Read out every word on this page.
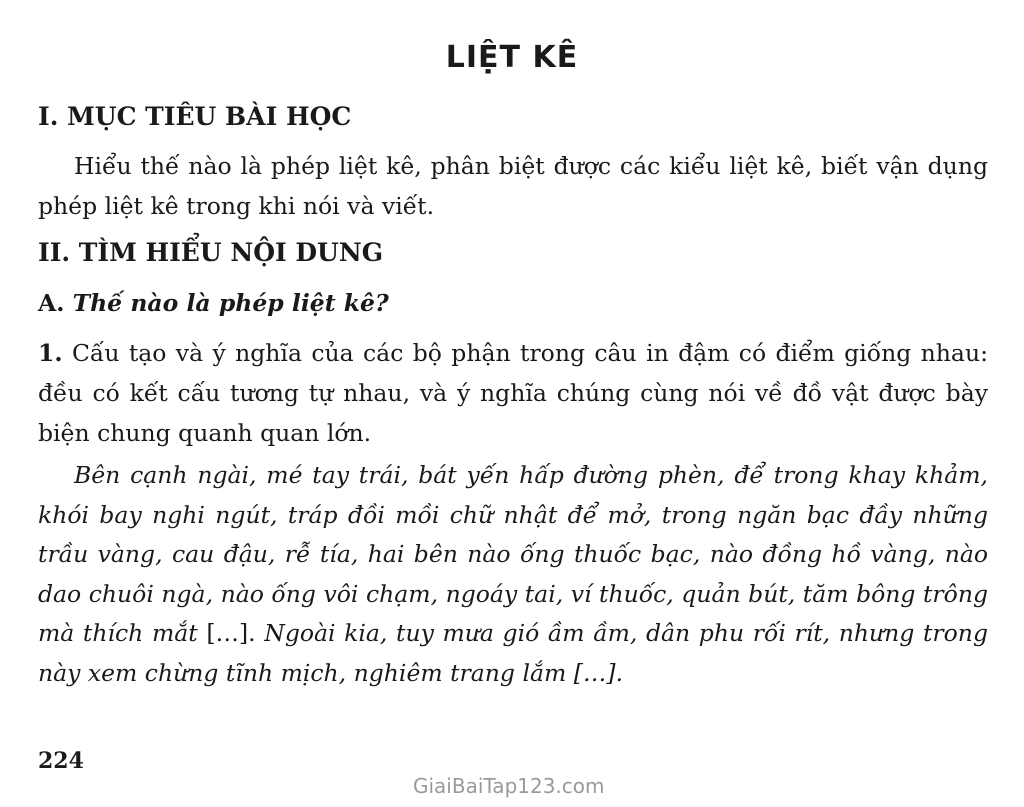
LIỆT KÊ
I. MỤC TIÊU BÀI HỌC

Hiểu thế nào là phép liệt kê, phân biệt được các kiểu liệt kê, biết vận dụng phép liệt kê trong khi nói và viết.

II. TÌM HIỂU NỘI DUNG
A. Thế nào là phép liệt kê?

1. Cấu tạo và ý nghĩa của các bộ phận trong câu in đậm có điểm giống nhau: đều có kết cấu tương tự nhau, và ý nghĩa chúng cùng nói về đồ vật được bày biện chung quanh quan lớn.

Bên cạnh ngài, mé tay trái, bát yến hấp đường phèn, để trong khay khảm, khói bay nghi ngút, tráp đồi mồi chữ nhật để mở, trong ngăn bạc đầy những trầu vàng, cau đậu, rễ tía, hai bên nào ống thuốc bạc, nào đồng hồ vàng, nào dao chuôi ngà, nào ống vôi chạm, ngoáy tai, ví thuốc, quản bút, tăm bông trông mà thích mắt […]. Ngoài kia, tuy mưa gió ầm ầm, dân phu rối rít, nhưng trong này xem chừng tĩnh mịch, nghiêm trang lắm […].

224

GiaiBaiTap123.com
